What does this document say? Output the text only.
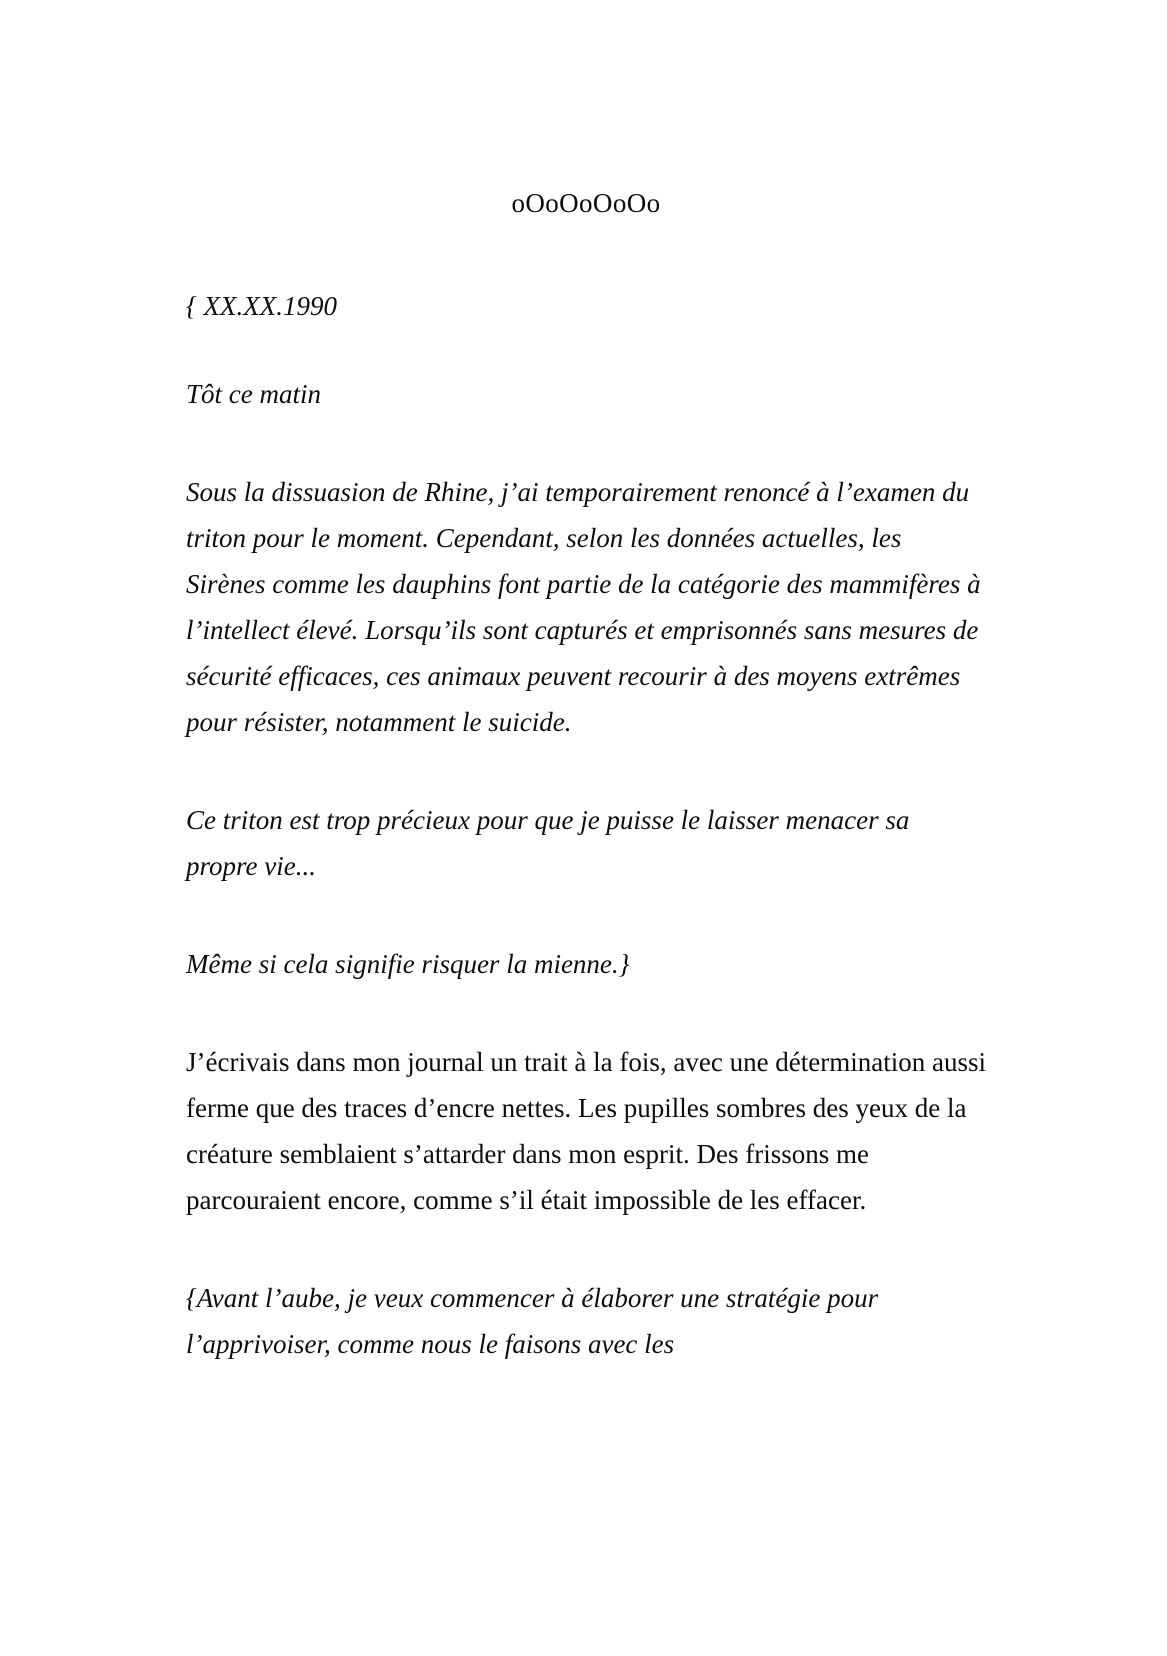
oOoOoOoOo

{ XX.XX.1990

Tôt ce matin

Sous la dissuasion de Rhine, j’ai temporairement renoncé à l’examen du triton pour le moment. Cependant, selon les données actuelles, les Sirènes comme les dauphins font partie de la catégorie des mammifères à l’intellect élevé. Lorsqu’ils sont capturés et emprisonnés sans mesures de sécurité efficaces, ces animaux peuvent recourir à des moyens extrêmes pour résister, notamment le suicide.

Ce triton est trop précieux pour que je puisse le laisser menacer sa propre vie...

Même si cela signifie risquer la mienne.}

J’écrivais dans mon journal un trait à la fois, avec une détermination aussi ferme que des traces d’encre nettes. Les pupilles sombres des yeux de la créature semblaient s’attarder dans mon esprit. Des frissons me parcouraient encore, comme s’il était impossible de les effacer.

{Avant l’aube, je veux commencer à élaborer une stratégie pour l’apprivoiser, comme nous le faisons avec les
